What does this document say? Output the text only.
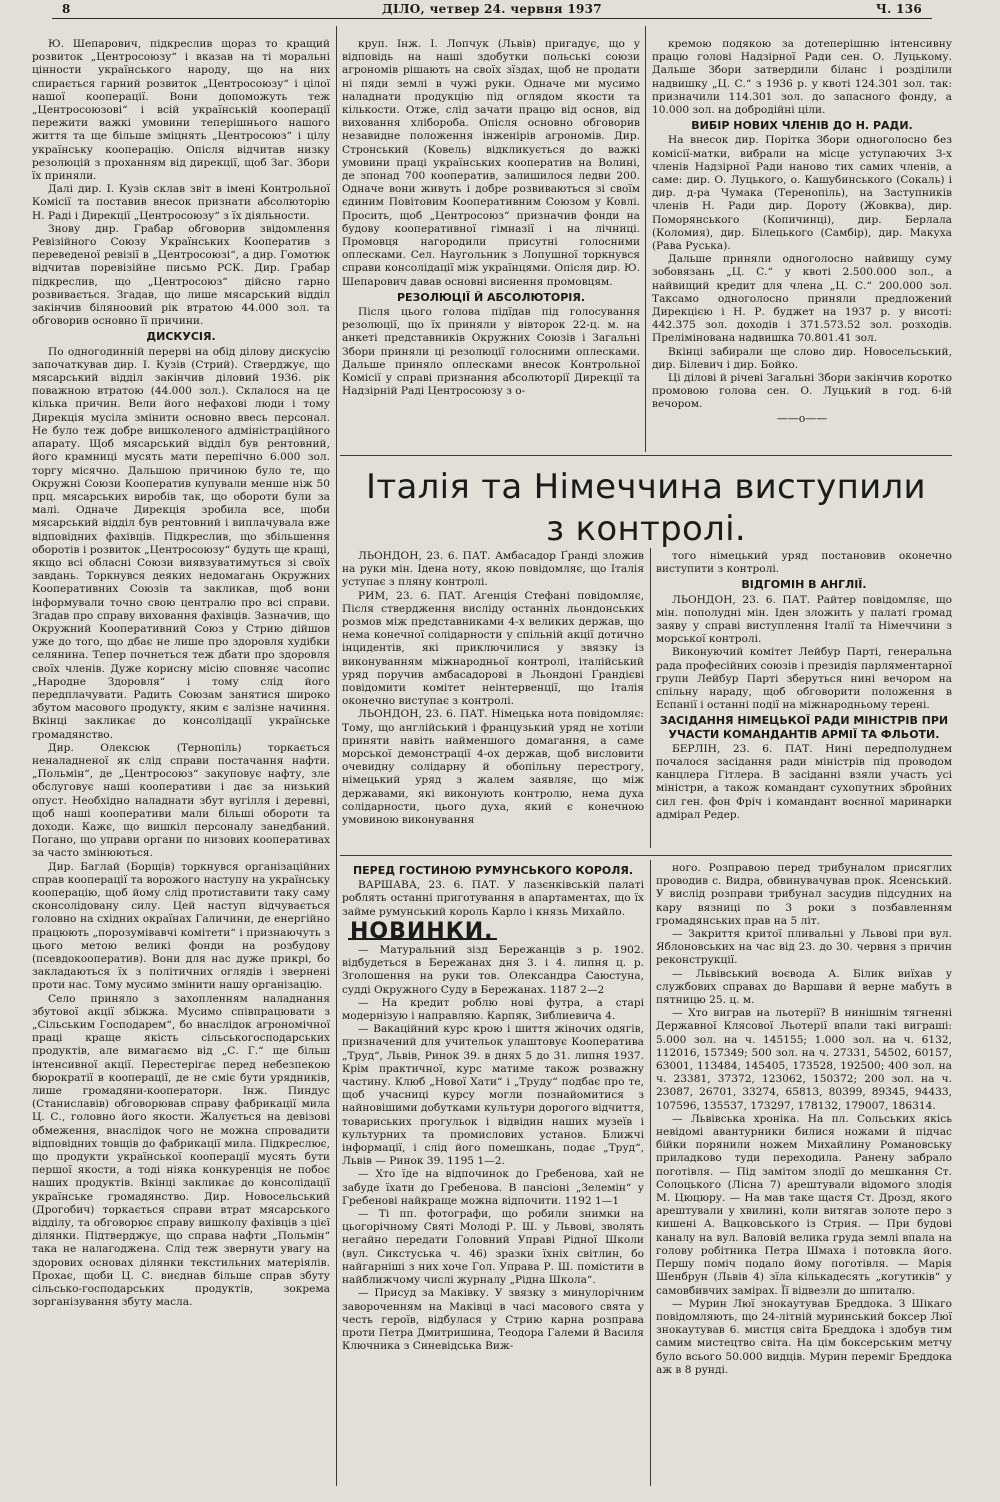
8	ДІЛО, четвер 24. червня 1937	Ч. 136

Ю. Шепарович, підкреслив щораз то кращий розвиток „Центросоюзу“ і вказав на ті моральні цінности українського народу, що на них спирається гарний розвиток „Центросоюзу“ і цілої нашої кооперації. Вони допоможуть теж „Центросоюзові“ і всій українській кооперації пережити важкі умовини теперішнього нашого життя та ще більше зміцнять „Центросоюз“ і цілу українську кооперацію. Опісля відчитав низку резолюцій з проханням від дирекції, щоб Заг. Збори їх приняли.

Далі дир. І. Кузів склав звіт в імені Контрольної Комісії та поставив внесок признати абсолюторію Н. Раді і Дирекції „Центросоюзу“ з їх діяльности.

Знову дир. Грабар обговорив звідомлення Ревізійного Союзу Українських Кооператив з переведеної ревізії в „Центросоюзі“, а дир. Гомотюк відчитав поревізійне письмо РСК. Дир. Грабар підкреслив, що „Центросоюз“ дійсно гарно розвивається. Згадав, що лише мясарський відділ закінчив біляноовий рік втратою 44.000 зол. та обговорив основно її причини.

ДИСКУСІЯ.

По одногодинній перерві на обід ділову дискусію започаткував дир. І. Кузів (Стрий). Стверджує, що мясарський відділ закінчив діловий 1936. рік поважною втратою (44.000 зол.). Склалося на це кілька причин. Вели його нефахові люди і тому Дирекція мусіла змінити основно ввесь персонал. Не було теж добре вишколеного адміністраційного апарату. Щоб мясарський відділ був рентовний, його крамниці мусять мати перепічно 6.000 зол. торгу місячно. Дальшою причиною було те, що Окружні Союзи Кооператив купували менше ніж 50 прц. мясарських виробів так, що обороти були за малі. Одначе Дирекція зробила все, щоби мясарський відділ був рентовний і виплачувала вже відповідних фахівців. Підкреслив, що збільшення оборотів і розвиток „Центросоюзу“ будуть ще кращі, якщо всі обласні Союзи виявзуватимуться зі своїх завдань. Торкнувся деяких недомагань Окружних Кооперативних Союзів та закликав, щоб вони інформували точно свою централю про всі справи. Згадав про справу виховання фахівців. Зазначив, що Окружний Кооперативний Союз у Стрию дійшов уже до того, що дбає не лише про здоровля худібки селянина. Тепер почнеться теж дбати про здоровля своїх членів. Дуже корисну місію сповняє часопис „Народне Здоровля“ і тому слід його передплачувати. Радить Союзам занятися широко збутом масового продукту, яким є залізне начиння. Вкінці закликає до консолідації українське громадянство.

Дир. Олексюк (Тернопіль) торкається неналадненої як слід справи постачання нафти. „Польмін“, де „Центросоюз“ закуповує нафту, зле обслуговує наші кооперативи і дає за низький опуст. Необхідно наладнати збут вугілля і деревні, щоб наші кооперативи мали більші обороти та доходи. Кажє, що вишкіл персоналу занедбаний. Погано, що управи органи по низових кооперативах за часто змінюються.

Дир. Баглай (Борщів) торкнувся організаційних справ кооперації та ворожого наступу на українську кооперацію, щоб йому слід протиставити таку саму сконсолідовану силу. Цей наступ відчувається головно на східних окраїнах Галичини, де енергійно працюють „порозумівавчі комітети“ і признаючуть з цього метою великі фонди на розбудову (псевдокооператив). Вони для нас дуже прикрі, бо закладаються їх з політичних оглядів і звернені проти нас. Тому мусимо змінити нашу організацію.

Село приняло з захопленням наладнання збутової акції збіжжа. Мусимо співпрацювати з „Сільським Господарем“, бо внаслідок агрономічної праці краще якість сільськогосподарських продуктів, але вимагаємо від „С. Г.“ ще більш інтенсивної акції. Перестерігає перед небезпекою бюрократії в кооперації, де не сміє бути урядників, лише громадяни-кооператори. Інж. Пиндус (Станиславів) обговорював справу фабрикації мила Ц. С., головно його якости. Жалується на девізові обмеження, внаслідок чого не можна спровадити відповідних товщів до фабрикації мила. Підкреслює, що продукти української кооперації мусять бути першої якости, а тоді ніяка конкуренція не побоє наших продуктів. Вкінці закликає до консолідації українське громадянство. Дир. Новосельський (Дрогобич) торкається справи втрат мясарського відділу, та обговорює справу вишколу фахівців з цієї ділянки. Підтверджує, що справа нафти „Польмін“ така не налагоджена. Слід теж звернути увагу на здорових основах ділянки текстильних матеріялів. Прохає, щоби Ц. С. виєднав більше справ збуту сільсько-господарських продуктів, зокрема зорганізування збуту масла.

круп. Інж. І. Лопчук (Львів) пригадує, що у відповідь на наші здобутки польські союзи агрономів рішають на своїх зїздах, щоб не продати ні пяди землі в чужі руки. Одначе ми мусимо наладнати продукцію під оглядом якости та кількости. Отже, слід зачати працю від основ, від виховання хлібороба. Опісля основно обговорив незавидне положення інженірів агрономів. Дир. Стронський (Ковель) відкликується до важкі умовини праці українських кооператив на Волині, де зпонад 700 кооператив, залишилося ледви 200. Одначе вони живуть і добре розвиваються зі своїм єдиним Повітовим Кооперативним Союзом у Ковлі. Просить, щоб „Центросоюз“ призначив фонди на будову кооперативної гімназії і на лічниці. Промовця нагородили присутні голосними оплесками. Сел. Наугольник з Лопушної торкнувся справи консолідації між українцями. Опісля дир. Ю. Шепарович давав основні виснення промовцям.

РЕЗОЛЮЦІЇ Й АБСОЛЮТОРІЯ.

Після цього голова підїдав під голосування резолюції, що їх приняли у вівторок 22-ц. м. на анкеті представників Окружних Союзів і Загальні Збори приняли ці резолюції голосними оплесками. Дальше приняло оплесками внесок Контрольної Комісії у справі признання абсолюторії Дирекції та Надзірній Раді Центросоюзу з о-

кремою подякою за дотеперішню інтенсивну працю голові Надзірної Ради сен. О. Луцькому. Дальше Збори затвердили біланс і розділили надвишку „Ц. С.“ з 1936 р. у квоті 124.301 зол. так: призначили 114.301 зол. до запасного фонду, а 10.000 зол. на добродійні ціли.

ВИБІР НОВИХ ЧЛЕНІВ ДО Н. РАДИ.

На внесок дир. Порітка Збори одноголосно без комісії-матки, вибрали на місце уступаючих 3-х членів Надзірної Ради наново тих самих членів, а саме: дир. О. Луцького, о. Кашубинського (Сокаль) і дир. д-ра Чумака (Теренопіль), на Заступників членів Н. Ради дир. Дороту (Жовква), дир. Поморянського (Копичинці), дир. Берлала (Коломия), дир. Білецького (Самбір), дир. Макуха (Рава Руська).

Дальше приняли одноголосно найвищу суму зобовязань „Ц. С.“ у квоті 2.500.000 зол., а найвищий кредит для члена „Ц. С.“ 200.000 зол. Таксамо одноголосно приняли предложений Дирекцією і Н. Р. буджет на 1937 р. у висоті: 442.375 зол. доходів і 371.573.52 зол. розходів. Прелімінована надвишка 70.801.41 зол.

Вкінці забирали ще слово дир. Новосельський, дир. Білевич і дир. Бойко.

Ці ділові й річеві Загальні Збори закінчив коротко промовою голова сен. О. Луцький в год. 6-ій вечором.

——o——
Італія та Німеччина виступили
з контролі.

ЛЬОНДОН, 23. 6. ПАТ. Амбасадор Ґранді зложив на руки мін. Ідена ноту, якою повідомляє, що Італія уступає з пляну контролі.

РИМ, 23. 6. ПАТ. Агенція Стефані повідомляє, Після ствердження висліду останніх льондонських розмов між представниками 4-х великих держав, що нема конечної солідарности у спільній акції дотично інцидентів, які приключилися у звязку із виконуванням міжнародньої контролі, італійський уряд поручив амбасадорові в Льондоні Ґрандієві повідомити комітет неінтервенції, що Італія оконечно виступає з контролі.

ЛЬОНДОН, 23. 6. ПАТ. Німецька нота повідомляє: Тому, що англійський і французький уряд не хотіли приняти навіть найменшого домагання, а саме морської демонстрації 4-ох держав, щоб висловити очевидну солідарну й обопільну перестрогу, німецький уряд з жалем заявляє, що між державами, які виконують контролю, нема духа солідарности, цього духа, який є конечною умовиною виконування

того німецький уряд постановив оконечно виступити з контролі.

ВІДГОМІН В АНГЛІЇ.

ЛЬОНДОН, 23. 6. ПАТ. Райтер повідомляє, що мін. пополудні мін. Іден зложить у палаті громад заяву у справі виступлення Італії та Німеччини з морської контролі.

Виконуючий комітет Лейбур Парті, генеральна рада професійних союзів і президія парляментарної групи Лейбур Парті зберуться нині вечором на спільну нараду, щоб обговорити положення в Еспанії і останні події на міжнародньому терені.

ЗАСІДАННЯ НІМЕЦЬКОЇ РАДИ МІНІСТРІВ ПРИ УЧАСТИ КОМАНДАНТІВ АРМІЇ ТА ФЛЬОТИ.

БЕРЛІН, 23. 6. ПАТ. Нині передполуднем почалося засідання ради міністрів під проводом канцлера Гітлера. В засіданні взяли участь усі міністри, а також командант сухопутних збройних сил ген. фон Фріч і командант воєнної маринарки адмірал Редер.

ПЕРЕД ГОСТИНОЮ РУМУНСЬКОГО КОРОЛЯ.

ВАРШАВА, 23. 6. ПАТ. У лазєнківській палаті роблять останні приготування в апартаментах, що їх займе румунський король Карло і князь Михайло.

НОВИНКИ.

— Матуральний зізд Бережанців з р. 1902. відбудеться в Бережанах дня 3. і 4. липня ц. р. Зголошення на руки тов. Олександра Саюстуна, судді Окружного Суду в Бережанах. 1187 2—2

— На кредит роблю нові футра, а старі модернізую і направляю. Карпяк, Зиблиевича 4.

— Вакаційний курс крою і шиття жіночих одягів, призначений для учительок улаштовує Кооператива „Труд“, Львів, Ринок 39. в днях 5 до 31. липня 1937. Крім практичної, курс матиме також розважну частину. Клюб „Нової Хати“ і „Труду“ подбає про те, щоб учасниці курсу могли познайомитися з найновішими добутками культури дорогого відчиття, товариських прогульок і відвідин наших музеїв і культурних та промислових установ. Ближчі інформації, і слід його помешкань, подає „Труд“, Львів — Ринок 39. 1195 1—2.

— Хто їде на відпочинок до Гребенова, хай не забуде їхати до Гребенова. В пансіоні „Зелемін“ у Гребенові найкраще можна відпочити. 1192 1—1

— Ті пп. фотографи, що робили знимки на цьогорічному Святі Молоді Р. Ш. у Львові, зволять негайно передати Головний Управі Рідної Школи (вул. Сикстуська ч. 46) зразки їхніх світлин, бо найгарніші з них хоче Гол. Управа Р. Ш. помістити в найближчому числі журналу „Рідна Школа“.

— Присуд за Маківку. У звязку з минулорічним завороченням на Маківці в часі масового свята у честь героїв, відбулася у Стрию карна розправа проти Петра Дмитришина, Теодора Галеми й Василя Ключника з Синевідська Виж-

ного. Розправою перед трибуналом присяглих проводив с. Видра, обвинувачував прок. Ясенський. У вислід розправи трибунал засудив підсудних на кару вязниці по 3 роки з позбавленням громадянських прав на 5 літ.

— Закриття критої пливальні у Львові при вул. Яблоновських на час від 23. до 30. червня з причин реконструкції.

— Львівський воєвода А. Білик виїхав у службових справах до Варшави й верне мабуть в пятницю 25. ц. м.

— Хто виграв на льотерії? В нинішнім тягненні Державної Клясової Льотерії впали такі виграші: 5.000 зол. на ч. 145155; 1.000 зол. на ч. 6132, 112016, 157349; 500 зол. на ч. 27331, 54502, 60157, 63001, 113484, 145405, 173528, 192500; 400 зол. на ч. 23381, 37372, 123062, 150372; 200 зол. на ч. 23087, 26701, 33274, 65813, 80399, 89345, 94433, 107596, 135537, 173297, 178132, 179007, 186314.

— Львівська хроніка. На пл. Сольських якісь невідомі авантурники билися ножами й підчас бійки порянили ножем Михайлину Романовську приладково туди переходила. Ранену забрало поготівля. — Під замітом злодії до мешкання Ст. Солоцького (Лісна 7) арештували відомого злодія М. Цюцюру. — На мав таке щастя Ст. Дрозд, якого арештували у хвилині, коли витягав золоте перо з кишені А. Вацковського із Стрия. — При будові каналу на вул. Валовій велика груда землі впала на голову робітника Петра Шмаха і потовкла його. Першу поміч подало йому поготівля. — Марія Шенбрун (Львів 4) зїла кількадесять „когутиків“ у самовбивчих замірах. Її відвезли до шпиталю.

— Мурин Люї знокаутував Бреддока. З Шікаго повідомляють, що 24-літній муринський боксер Люї знокаутував 6. мистця світа Бреддока і здобув тим самим мистецтво світа. На цім боксерським метчу було всього 50.000 видців. Мурин переміг Бреддока аж в 8 рунді.
